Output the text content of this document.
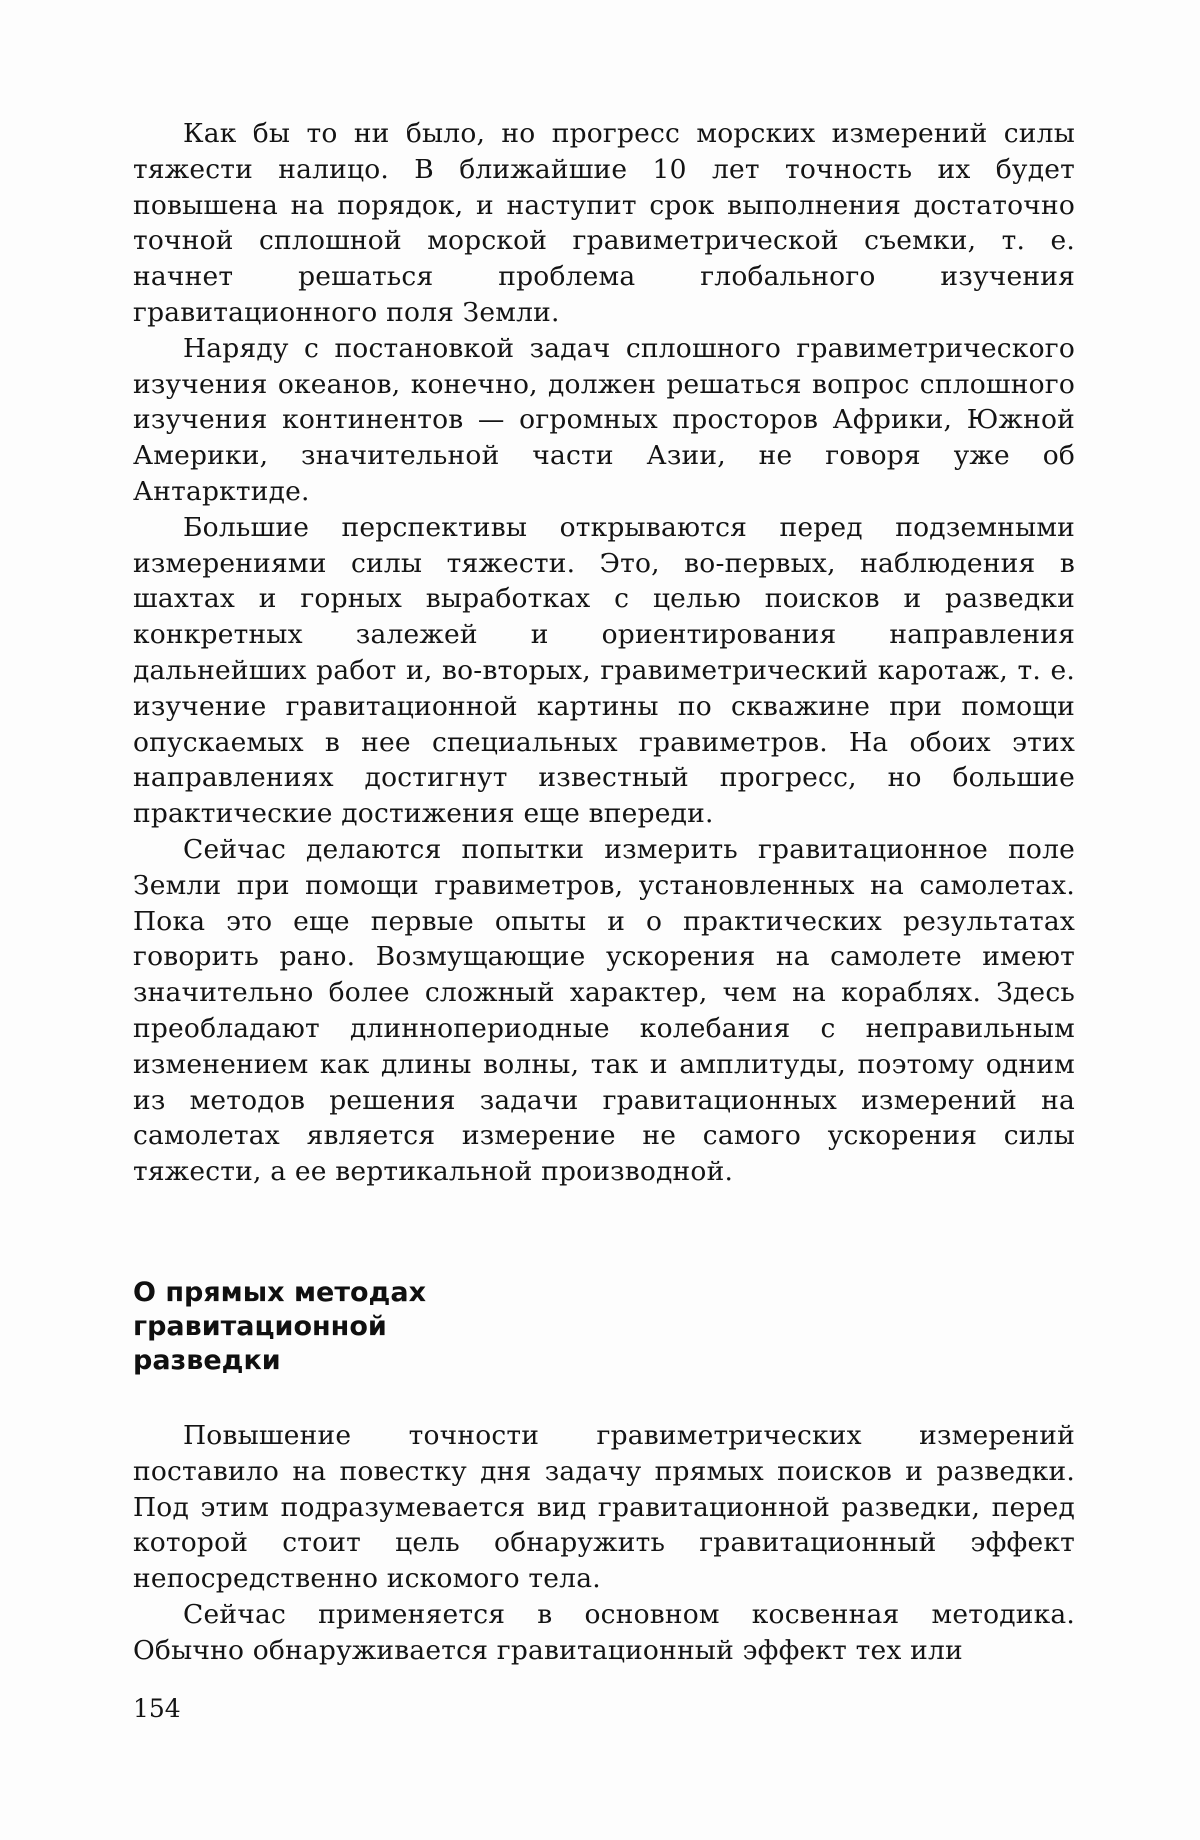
Как бы то ни было, но прогресс морских измерений силы тяжести налицо. В ближайшие 10 лет точность их будет повышена на порядок, и наступит срок выполнения достаточно точной сплошной морской гравиметрической съемки, т. е. начнет решаться проблема глобального изучения гравитационного поля Земли.

Наряду с постановкой задач сплошного гравиметрического изучения океанов, конечно, должен решаться вопрос сплошного изучения континентов — огромных просторов Африки, Южной Америки, значительной части Азии, не говоря уже об Антарктиде.

Большие перспективы открываются перед подземными измерениями силы тяжести. Это, во-первых, наблюдения в шахтах и горных выработках с целью поисков и разведки конкретных залежей и ориентирования направления дальнейших работ и, во-вторых, гравиметрический каротаж, т. е. изучение гравитационной картины по скважине при помощи опускаемых в нее специальных гравиметров. На обоих этих направлениях достигнут известный прогресс, но большие практические достижения еще впереди.

Сейчас делаются попытки измерить гравитационное поле Земли при помощи гравиметров, установленных на самолетах. Пока это еще первые опыты и о практических результатах говорить рано. Возмущающие ускорения на самолете имеют значительно более сложный характер, чем на кораблях. Здесь преобладают длиннопериодные колебания с неправильным изменением как длины волны, так и амплитуды, поэтому одним из методов решения задачи гравитационных измерений на самолетах является измерение не самого ускорения силы тяжести, а ее вертикальной производной.

О прямых методах
гравитационной
разведки

Повышение точности гравиметрических измерений поставило на повестку дня задачу прямых поисков и разведки. Под этим подразумевается вид гравитационной разведки, перед которой стоит цель обнаружить гравитационный эффект непосредственно искомого тела.

Сейчас применяется в основном косвенная методика. Обычно обнаруживается гравитационный эффект тех или

154
